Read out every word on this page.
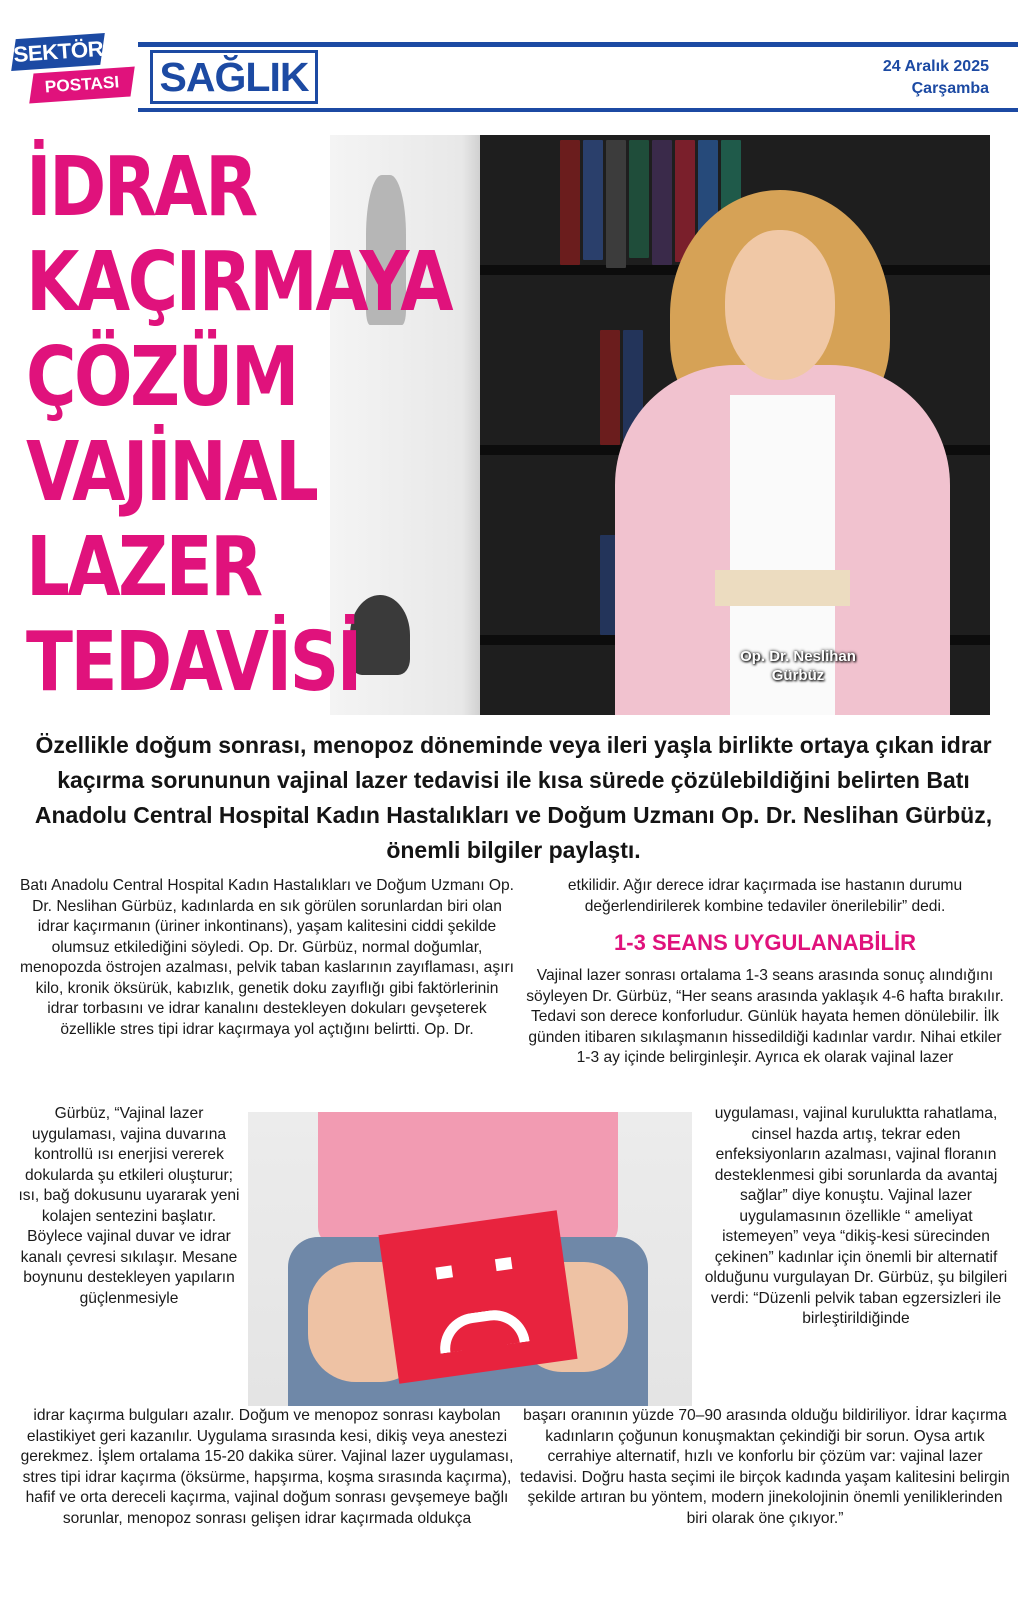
SEKTÖR
POSTASI SAĞLIK	24 Aralık 2025
Çarşamba
Op. Dr. Neslihan
Gürbüz
İDRAR
KAÇIRMAYA
ÇÖZÜM
VAJİNAL
LAZER
TEDAVİSİ

Özellikle doğum sonrası, menopoz döneminde veya ileri yaşla birlikte ortaya çıkan idrar kaçırma sorununun vajinal lazer tedavisi ile kısa sürede çözülebildiğini belirten Batı Anadolu Central Hospital Kadın Hastalıkları ve Doğum Uzmanı Op. Dr. Neslihan Gürbüz, önemli bilgiler paylaştı.

Batı Anadolu Central Hospital Kadın Hastalıkları ve Doğum Uzmanı Op. Dr. Neslihan Gürbüz, kadınlarda en sık görülen sorunlardan biri olan idrar kaçırmanın (üriner inkontinans), yaşam kalitesini ciddi şekilde olumsuz etkilediğini söyledi. Op. Dr. Gürbüz, normal doğumlar, menopozda östrojen azalması, pelvik taban kaslarının zayıflaması, aşırı kilo, kronik öksürük, kabızlık, genetik doku zayıflığı gibi faktörlerinin idrar torbasını ve idrar kanalını destekleyen dokuları gevşeterek özellikle stres tipi idrar kaçırmaya yol açtığını belirtti. Op. Dr.

Gürbüz, “Vajinal lazer uygulaması, vajina duvarına kontrollü ısı enerjisi vererek dokularda şu etkileri oluşturur; ısı, bağ dokusunu uyararak yeni kolajen sentezini başlatır. Böylece vajinal duvar ve idrar kanalı çevresi sıkılaşır. Mesane boynunu destekleyen yapıların güçlenmesiyle

idrar kaçırma bulguları azalır. Doğum ve menopoz sonrası kaybolan elastikiyet geri kazanılır. Uygulama sırasında kesi, dikiş veya anestezi gerekmez. İşlem ortalama 15-20 dakika sürer. Vajinal lazer uygulaması, stres tipi idrar kaçırma (öksürme, hapşırma, koşma sırasında kaçırma), hafif ve orta dereceli kaçırma, vajinal doğum sonrası gevşemeye bağlı sorunlar, menopoz sonrası gelişen idrar kaçırmada oldukça

etkilidir. Ağır derece idrar kaçırmada ise hastanın durumu değerlendirilerek kombine tedaviler önerilebilir” dedi.

1-3 SEANS UYGULANABİLİR

Vajinal lazer sonrası ortalama 1-3 seans arasında sonuç alındığını söyleyen Dr. Gürbüz, “Her seans arasında yaklaşık 4-6 hafta bırakılır. Tedavi son derece konforludur. Günlük hayata hemen dönülebilir. İlk günden itibaren sıkılaşmanın hissedildiği kadınlar vardır. Nihai etkiler 1-3 ay içinde belirginleşir. Ayrıca ek olarak vajinal lazer

uygulaması, vajinal kuruluktta rahatlama, cinsel hazda artış, tekrar eden enfeksiyonların azalması, vajinal floranın desteklenmesi gibi sorunlarda da avantaj sağlar” diye konuştu. Vajinal lazer uygulamasının özellikle “ ameliyat istemeyen” veya “dikiş-kesi sürecinden çekinen” kadınlar için önemli bir alternatif olduğunu vurgulayan Dr. Gürbüz, şu bilgileri verdi: “Düzenli pelvik taban egzersizleri ile birleştirildiğinde

başarı oranının yüzde 70–90 arasında olduğu bildiriliyor. İdrar kaçırma kadınların çoğunun konuşmaktan çekindiği bir sorun. Oysa artık cerrahiye alternatif, hızlı ve konforlu bir çözüm var: vajinal lazer tedavisi. Doğru hasta seçimi ile birçok kadında yaşam kalitesini belirgin şekilde artıran bu yöntem, modern jinekolojinin önemli yeniliklerinden biri olarak öne çıkıyor.”
